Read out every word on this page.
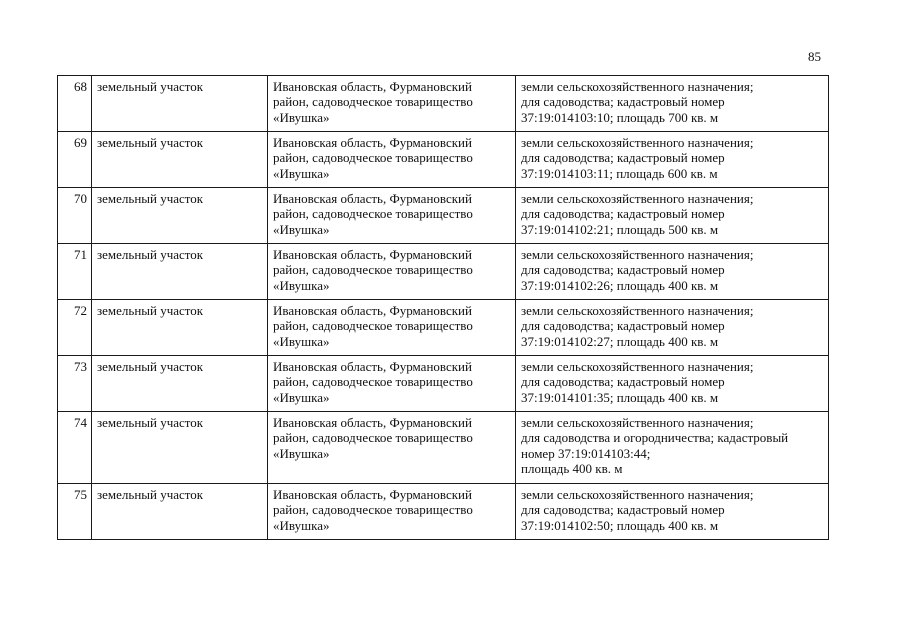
85
68	земельный участок	Ивановская область, Фурмановский район, садоводческое товарищество «Ивушка»	земли сельскохозяйственного назначения;
для садоводства; кадастровый номер
37:19:014103:10; площадь 700 кв. м

69	земельный участок	Ивановская область, Фурмановский район, садоводческое товарищество «Ивушка»	земли сельскохозяйственного назначения;
для садоводства; кадастровый номер
37:19:014103:11; площадь 600 кв. м

70	земельный участок	Ивановская область, Фурмановский район, садоводческое товарищество «Ивушка»	земли сельскохозяйственного назначения;
для садоводства; кадастровый номер
37:19:014102:21; площадь 500 кв. м

71	земельный участок	Ивановская область, Фурмановский район, садоводческое товарищество «Ивушка»	земли сельскохозяйственного назначения;
для садоводства; кадастровый номер
37:19:014102:26; площадь 400 кв. м

72	земельный участок	Ивановская область, Фурмановский район, садоводческое товарищество «Ивушка»	земли сельскохозяйственного назначения;
для садоводства; кадастровый номер
37:19:014102:27; площадь 400 кв. м

73	земельный участок	Ивановская область, Фурмановский район, садоводческое товарищество «Ивушка»	земли сельскохозяйственного назначения;
для садоводства; кадастровый номер
37:19:014101:35; площадь 400 кв. м

74	земельный участок	Ивановская область, Фурмановский район, садоводческое товарищество «Ивушка»	земли сельскохозяйственного назначения;
для садоводства и огородничества; кадастровый
номер 37:19:014103:44;
площадь 400 кв. м

75	земельный участок	Ивановская область, Фурмановский район, садоводческое товарищество «Ивушка»	земли сельскохозяйственного назначения;
для садоводства; кадастровый номер
37:19:014102:50; площадь 400 кв. м
